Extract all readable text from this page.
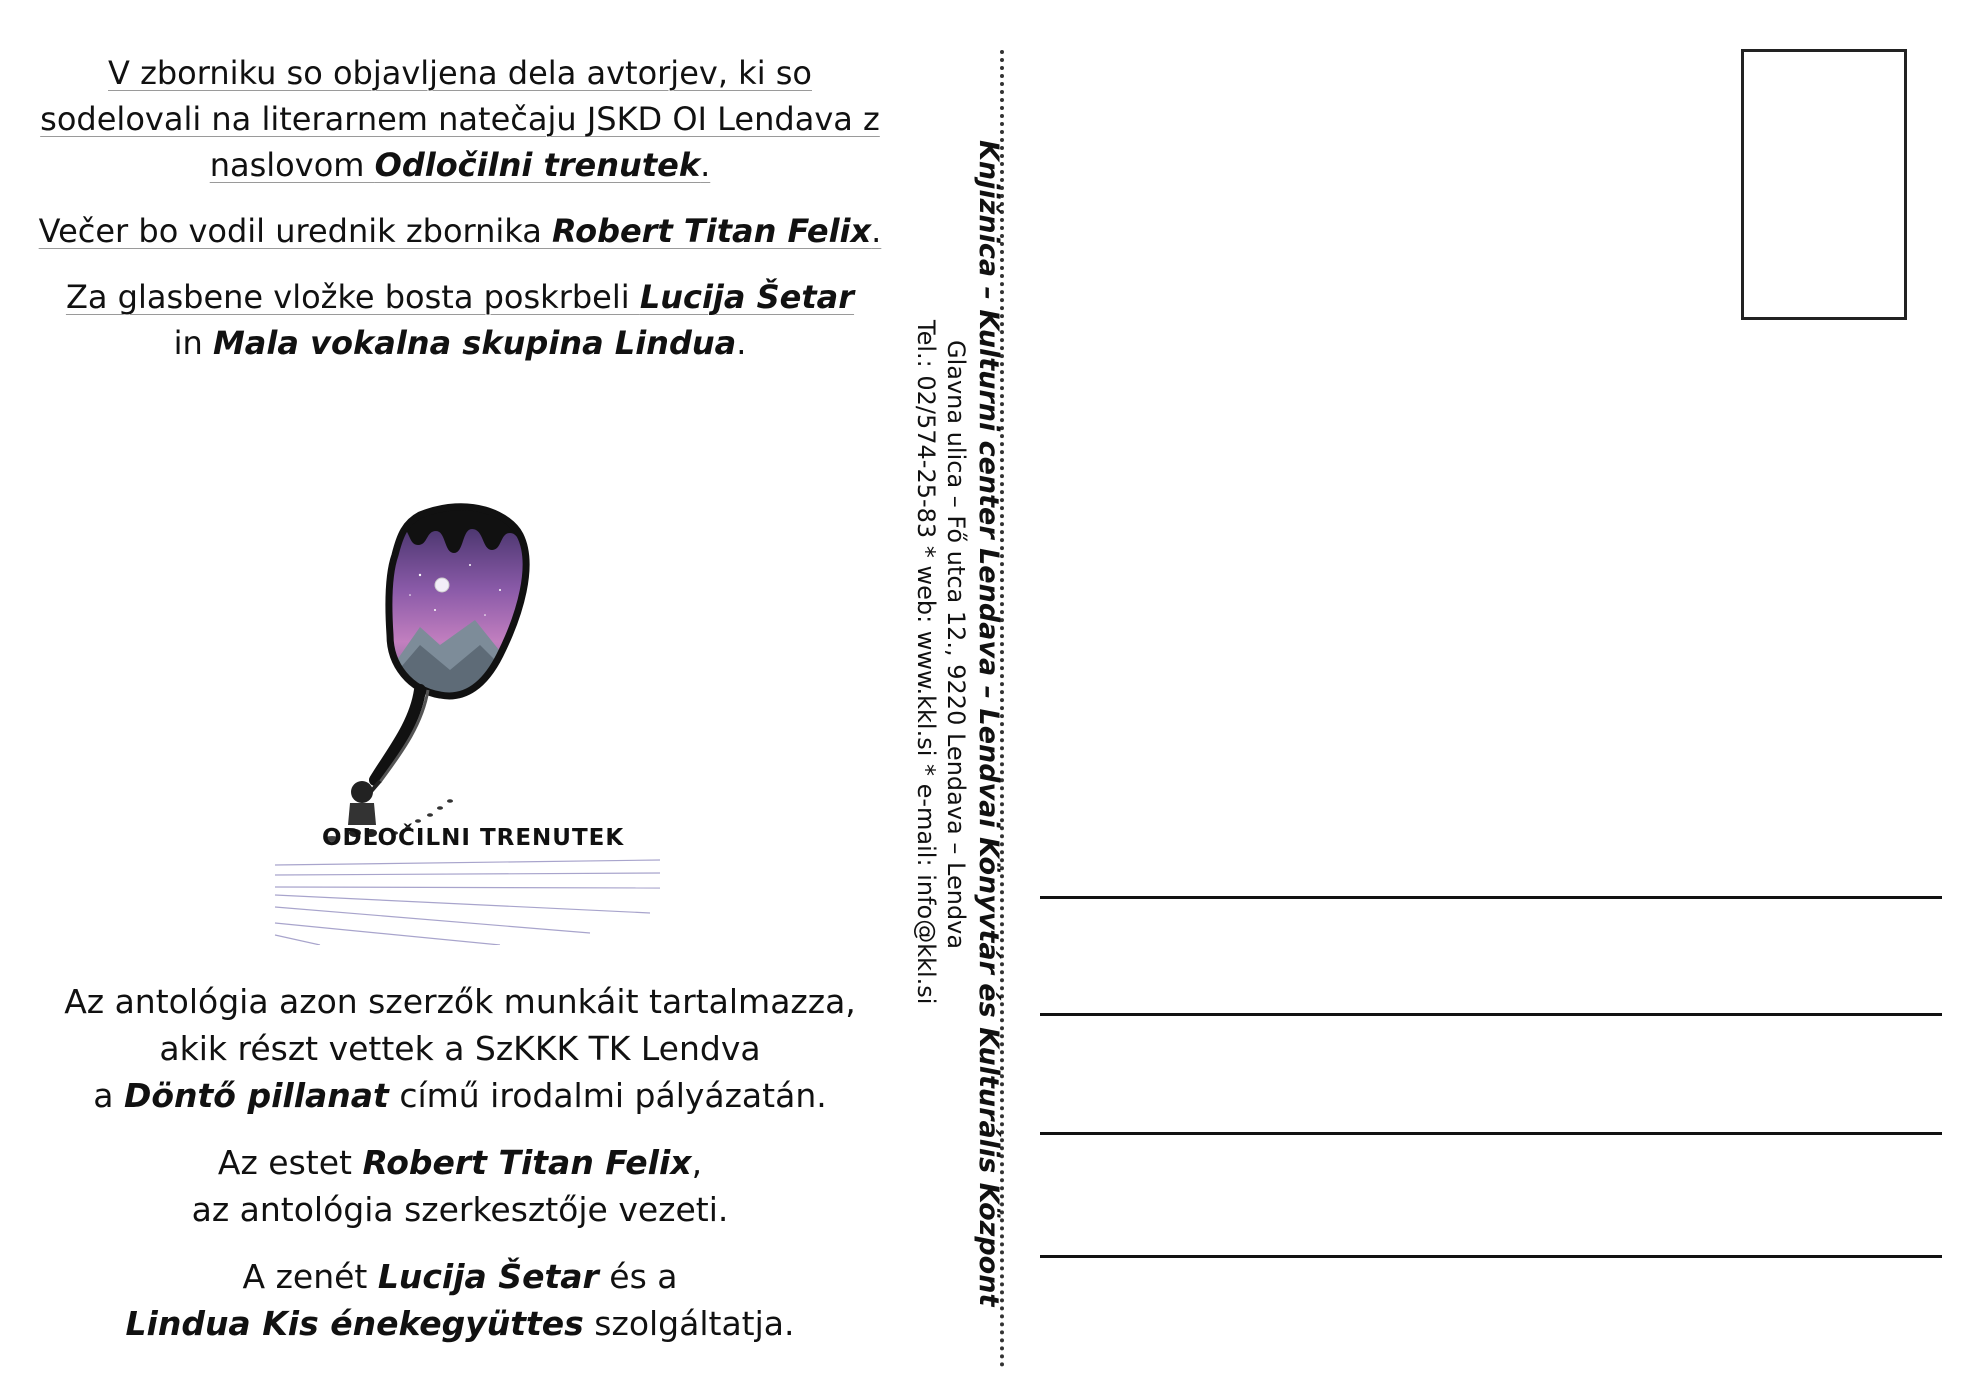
V zborniku so objavljena dela avtorjev, ki so sodelovali na literarnem natečaju JSKD OI Lendava z naslovom Odločilni trenutek.

Večer bo vodil urednik zbornika Robert Titan Felix.

Za glasbene vložke bosta poskrbeli Lucija Šetar
in Mala vokalna skupina Lindua.

ODLOČILNI TRENUTEK

Az antológia azon szerzők munkáit tartalmazza,
akik részt vettek a SzKKK TK Lendva
a Döntő pillanat című irodalmi pályázatán.

Az estet Robert Titan Felix,
az antológia szerkesztője vezeti.

A zenét Lucija Šetar és a
Lindua Kis énekegyüttes szolgáltatja.

Knjižnica – Kulturni center Lendava – Lendvai Könyvtár és Kulturális Központ
Glavna ulica – Fő utca 12., 9220 Lendava – Lendva
Tel.: 02/574-25-83 * web: www.kkl.si * e-mail: info@kkl.si
